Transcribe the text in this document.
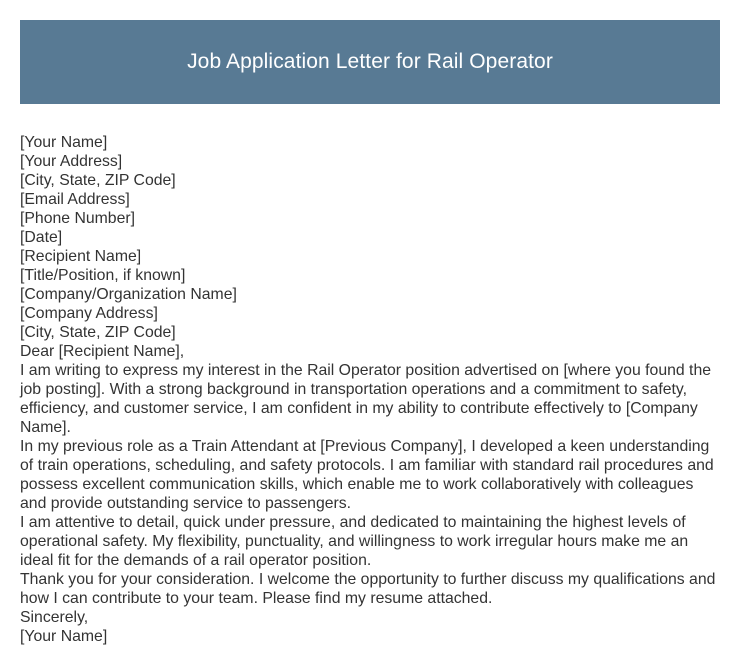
Job Application Letter for Rail Operator

[Your Name]

[Your Address]

[City, State, ZIP Code]

[Email Address]

[Phone Number]

[Date]

[Recipient Name]

[Title/Position, if known]

[Company/Organization Name]

[Company Address]

[City, State, ZIP Code]

Dear [Recipient Name],

I am writing to express my interest in the Rail Operator position advertised on [where you found the job posting]. With a strong background in transportation operations and a commitment to safety, efficiency, and customer service, I am confident in my ability to contribute effectively to [Company Name].

In my previous role as a Train Attendant at [Previous Company], I developed a keen understanding of train operations, scheduling, and safety protocols. I am familiar with standard rail procedures and possess excellent communication skills, which enable me to work collaboratively with colleagues and provide outstanding service to passengers.

I am attentive to detail, quick under pressure, and dedicated to maintaining the highest levels of operational safety. My flexibility, punctuality, and willingness to work irregular hours make me an ideal fit for the demands of a rail operator position.

Thank you for your consideration. I welcome the opportunity to further discuss my qualifications and how I can contribute to your team. Please find my resume attached.

Sincerely,

[Your Name]
